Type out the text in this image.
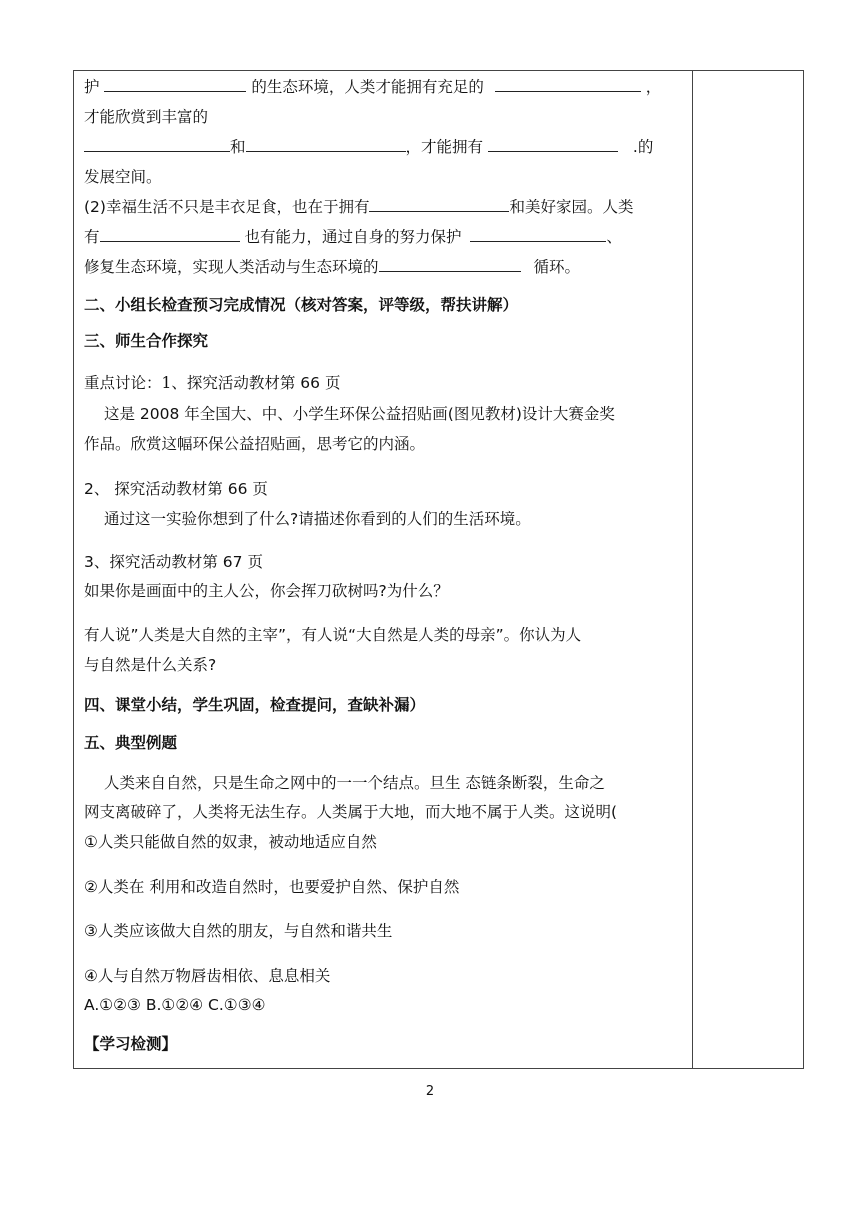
护	的生态环境，人类才能拥有充足的	，
才能欣赏到丰富的
和	，才能拥有	.的
发展空间。
(2)幸福生活不只是丰衣足食，也在于拥有	和美好家园。人类
有	也有能力，通过自身的努力保护	、
修复生态环境，实现人类活动与生态环境的	循环。
二、小组长检查预习完成情况（核对答案，评等级，帮扶讲解）
三、师生合作探究
重点讨论：1、探究活动教材第 66 页
这是 2008 年全国大、中、小学生环保公益招贴画(图见教材)设计大赛金奖
作品。欣赏这幅环保公益招贴画，思考它的内涵。
2、 探究活动教材第 66 页
通过这一实验你想到了什么?请描述你看到的人们的生活环境。
3、探究活动教材第 67 页
如果你是画面中的主人公，你会挥刀砍树吗?为什么？
有人说”人类是大自然的主宰”，有人说“大自然是人类的母亲”。你认为人
与自然是什么关系?
四、课堂小结，学生巩固，检查提问，查缺补漏）
五、典型例题
人类来自自然，只是生命之网中的一一个结点。旦生 态链条断裂，生命之
网支离破碎了，人类将无法生存。人类属于大地，而大地不属于人类。这说明(
①人类只能做自然的奴隶，被动地适应自然
②人类在 利用和改造自然时，也要爱护自然、保护自然
③人类应该做大自然的朋友，与自然和谐共生
④人与自然万物唇齿相依、息息相关
A.①②③ B.①②④ C.①③④
【学习检测】
2
